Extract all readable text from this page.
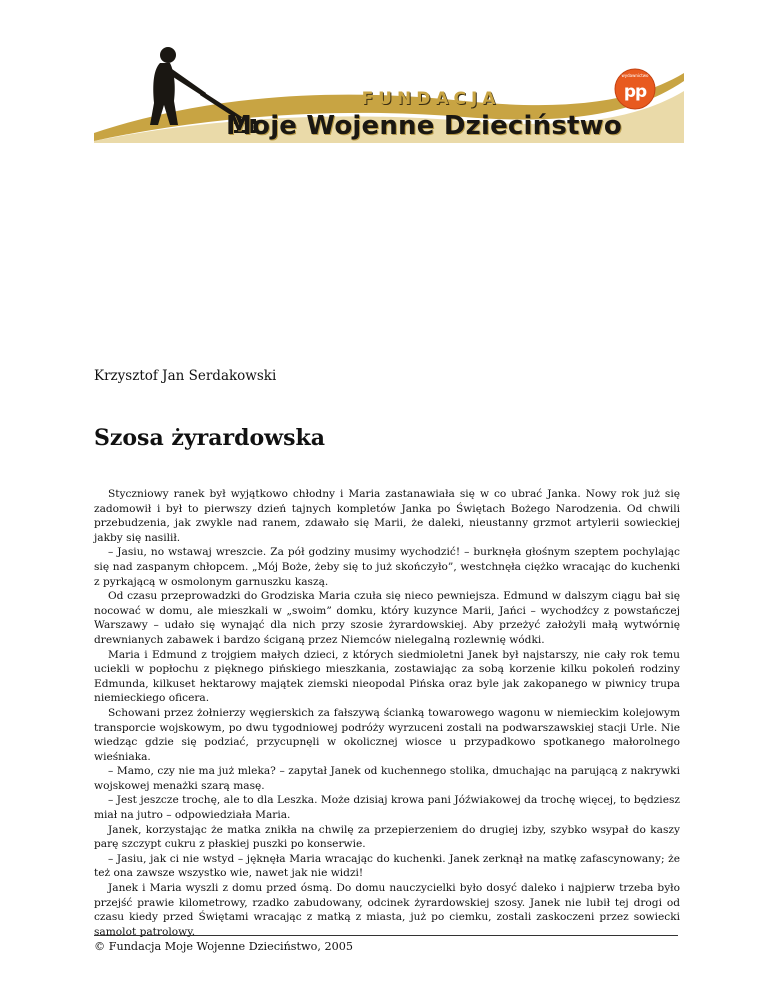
FUNDACJA
Moje Wojenne Dzieciństwo
wydawnictwo
pp
Krzysztof Jan Serdakowski
Szosa żyrardowska

Styczniowy ranek był wyjątkowo chłodny i Maria zastanawiała się w co ubrać Janka. Nowy rok już się zadomowił i był to pierwszy dzień tajnych kompletów Janka po Świętach Bożego Narodzenia. Od chwili przebudzenia, jak zwykle nad ranem, zdawało się Marii, że daleki, nieustanny grzmot artylerii sowieckiej jakby się nasilił.

– Jasiu, no wstawaj wreszcie. Za pół godziny musimy wychodzić! – burknęła głośnym szeptem pochylając się nad zaspanym chłopcem. „Mój Boże, żeby się to już skończyło”, westchnęła ciężko wracając do kuchenki z pyrkającą w osmolonym garnuszku kaszą.

Od czasu przeprowadzki do Grodziska Maria czuła się nieco pewniejsza. Edmund w dalszym ciągu bał się nocować w domu, ale mieszkali w „swoim” domku, który kuzynce Marii, Jańci – wychodźcy z powstańczej Warszawy – udało się wynająć dla nich przy szosie żyrardowskiej. Aby przeżyć założyli małą wytwórnię drewnianych zabawek i bardzo ściganą przez Niemców nielegalną rozlewnię wódki.

Maria i Edmund z trojgiem małych dzieci, z których siedmioletni Janek był najstarszy, nie cały rok temu uciekli w popłochu z pięknego pińskiego mieszkania, zostawiając za sobą korzenie kilku pokoleń rodziny Edmunda, kilkuset hektarowy majątek ziemski nieopodal Pińska oraz byle jak zakopanego w piwnicy trupa niemieckiego oficera.

Schowani przez żołnierzy węgierskich za fałszywą ścianką towarowego wagonu w niemieckim kolejowym transporcie wojskowym, po dwu tygodniowej podróży wyrzuceni zostali na podwarszawskiej stacji Urle. Nie wiedząc gdzie się podziać, przycupnęli w okolicznej wiosce u przypadkowo spotkanego małorolnego wieśniaka.

– Mamo, czy nie ma już mleka? – zapytał Janek od kuchennego stolika, dmuchając na parującą z nakrywki wojskowej menażki szarą masę.

– Jest jeszcze trochę, ale to dla Leszka. Może dzisiaj krowa pani Jóźwiakowej da trochę więcej, to będziesz miał na jutro – odpowiedziała Maria.

Janek, korzystając że matka znikła na chwilę za przepierzeniem do drugiej izby, szybko wsypał do kaszy parę szczypt cukru z płaskiej puszki po konserwie.

– Jasiu, jak ci nie wstyd – jęknęła Maria wracając do kuchenki. Janek zerknął na matkę zafascynowany; że też ona zawsze wszystko wie, nawet jak nie widzi!

Janek i Maria wyszli z domu przed ósmą. Do domu nauczycielki było dosyć daleko i najpierw trzeba było przejść prawie kilometrowy, rzadko zabudowany, odcinek żyrardowskiej szosy. Janek nie lubił tej drogi od czasu kiedy przed Świętami wracając z matką z miasta, już po ciemku, zostali zaskoczeni przez sowiecki samolot patrolowy.

© Fundacja Moje Wojenne Dzieciństwo, 2005
